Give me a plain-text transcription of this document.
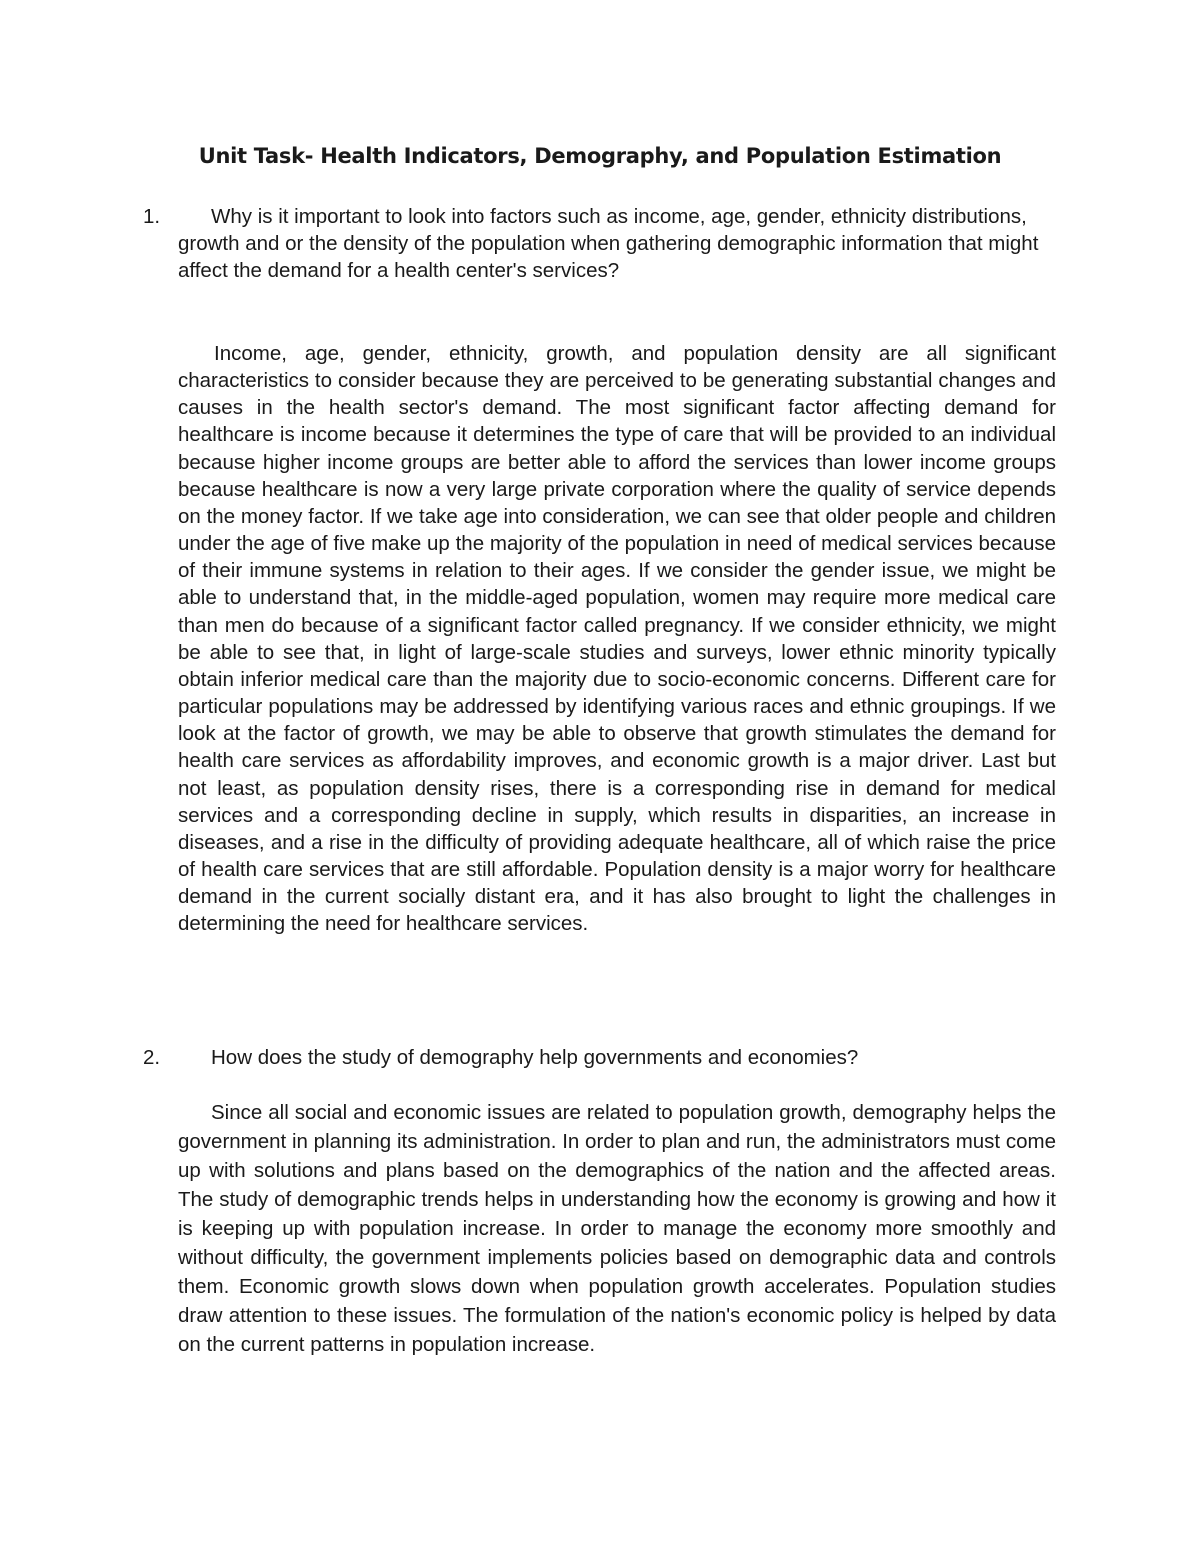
Unit Task- Health Indicators, Demography, and Population Estimation
1.	Why is it important to look into factors such as income, age, gender, ethnicity distributions, growth and or the density of the population when gathering demographic information that might affect the demand for a health center's services?

Income, age, gender, ethnicity, growth, and population density are all significant characteristics to consider because they are perceived to be generating substantial changes and causes in the health sector's demand. The most significant factor affecting demand for healthcare is income because it determines the type of care that will be provided to an individual because higher income groups are better able to afford the services than lower income groups because healthcare is now a very large private corporation where the quality of service depends on the money factor. If we take age into consideration, we can see that older people and children under the age of five make up the majority of the population in need of medical services because of their immune systems in relation to their ages. If we consider the gender issue, we might be able to understand that, in the middle-aged population, women may require more medical care than men do because of a significant factor called pregnancy. If we consider ethnicity, we might be able to see that, in light of large-scale studies and surveys, lower ethnic minority typically obtain inferior medical care than the majority due to socio-economic concerns. Different care for particular populations may be addressed by identifying various races and ethnic groupings. If we look at the factor of growth, we may be able to observe that growth stimulates the demand for health care services as affordability improves, and economic growth is a major driver. Last but not least, as population density rises, there is a corresponding rise in demand for medical services and a corresponding decline in supply, which results in disparities, an increase in diseases, and a rise in the difficulty of providing adequate healthcare, all of which raise the price of health care services that are still affordable. Population density is a major worry for healthcare demand in the current socially distant era, and it has also brought to light the challenges in determining the need for healthcare services.

2.	How does the study of demography help governments and economies?

Since all social and economic issues are related to population growth, demography helps the government in planning its administration. In order to plan and run, the administrators must come up with solutions and plans based on the demographics of the nation and the affected areas. The study of demographic trends helps in understanding how the economy is growing and how it is keeping up with population increase. In order to manage the economy more smoothly and without difficulty, the government implements policies based on demographic data and controls them. Economic growth slows down when population growth accelerates. Population studies draw attention to these issues. The formulation of the nation's economic policy is helped by data on the current patterns in population increase.
